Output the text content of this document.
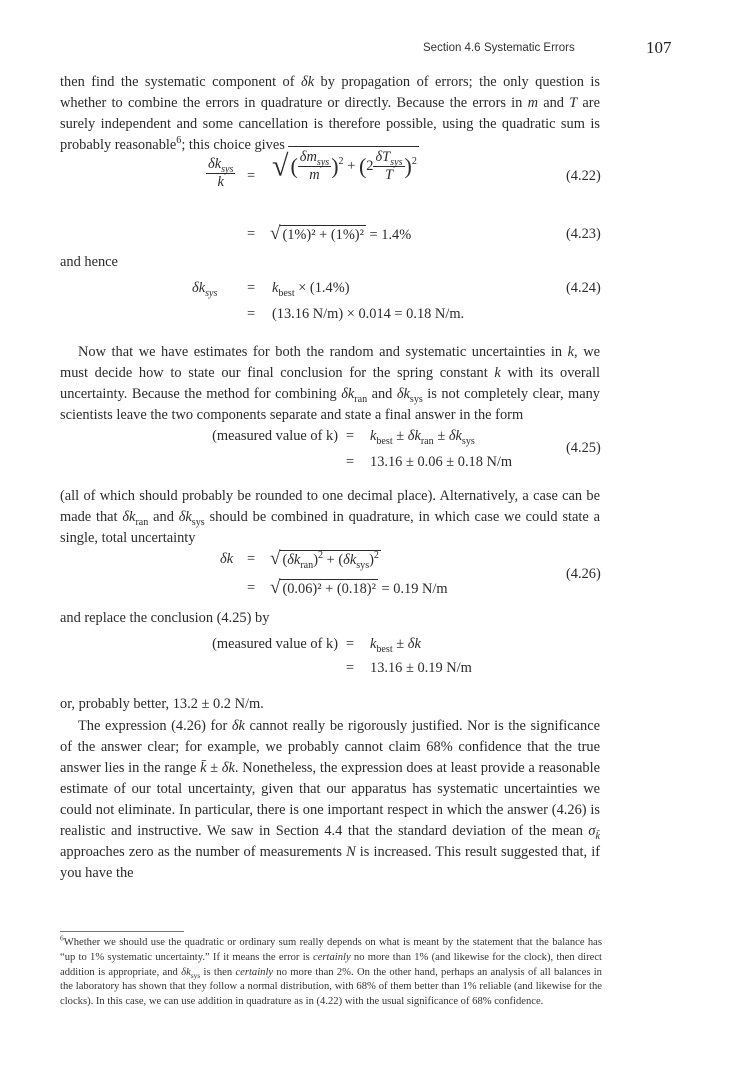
Section 4.6 Systematic Errors	107
then find the systematic component of δk by propagation of errors; the only question is whether to combine the errors in quadrature or directly. Because the errors in m and T are surely independent and some cancellation is therefore possible, using the quadratic sum is probably reasonable$^6$; this choice gives
$\frac{\delta k_{sys}}{k}$ = √( $\frac{\delta m_{sys}}{m} )^2 + (2 \frac{\delta T_{sys}}{T} )^2$
(4.22)
= √ (1%)² + (1%)² = 1.4%	(4.23)
and hence
$\delta k_{sys} = k_{best} \times (1.4\%)$	(4.24)
= (13.16 N/m) × 0.014 = 0.18 N/m.
Now that we have estimates for both the random and systematic uncertainties in k, we must decide how to state our final conclusion for the spring constant k with its overall uncertainty. Because the method for combining $\delta k_{ran}$ and $\delta k_{sys}$ is not completely clear, many scientists leave the two components separate and state a final answer in the form
(measured value of $k) = k_{best} \pm \delta k_{ran} \pm \delta k_{sys}$	(4.25)
= 13.16 ± 0.06 ± 0.18 N/m
(all of which should probably be rounded to one decimal place). Alternatively, a case can be made that $\delta k_{ran}$ and $\delta k_{sys}$ should be combined in quadrature, in which case we could state a single, total uncertainty
δk = √ $(\delta k_{ran})^2 + (\delta k_{sys})^2$
(4.26)
= √ (0.06)² + (0.18)² = 0.19 N/m
and replace the conclusion (4.25) by
(measured value of $k) = k_{best} \pm \delta k$
= 13.16 ± 0.19 N/m
or, probably better, 13.2 ± 0.2 N/m.
The expression (4.26) for δk cannot really be rigorously justified. Nor is the significance of the answer clear; for example, we probably cannot claim 68% confidence that the true answer lies in the range k̄ ± δk. Nonetheless, the expression does at least provide a reasonable estimate of our total uncertainty, given that our apparatus has systematic uncertainties we could not eliminate. In particular, there is one important respect in which the answer (4.26) is realistic and instructive. We saw in Section 4.4 that the standard deviation of the mean $\sigma_{k̄}$ approaches zero as the number of measurements N is increased. This result suggested that, if you have the
$^6$Whether we should use the quadratic or ordinary sum really depends on what is meant by the statement that the balance has “up to 1% systematic uncertainty.” If it means the error is certainly no more than 1% (and likewise for the clock), then direct addition is appropriate, and $\delta k_{sys}$ is then certainly no more than 2%. On the other hand, perhaps an analysis of all balances in the laboratory has shown that they follow a normal distribution, with 68% of them better than 1% reliable (and likewise for the clocks). In this case, we can use addition in quadrature as in (4.22) with the usual significance of 68% confidence.
